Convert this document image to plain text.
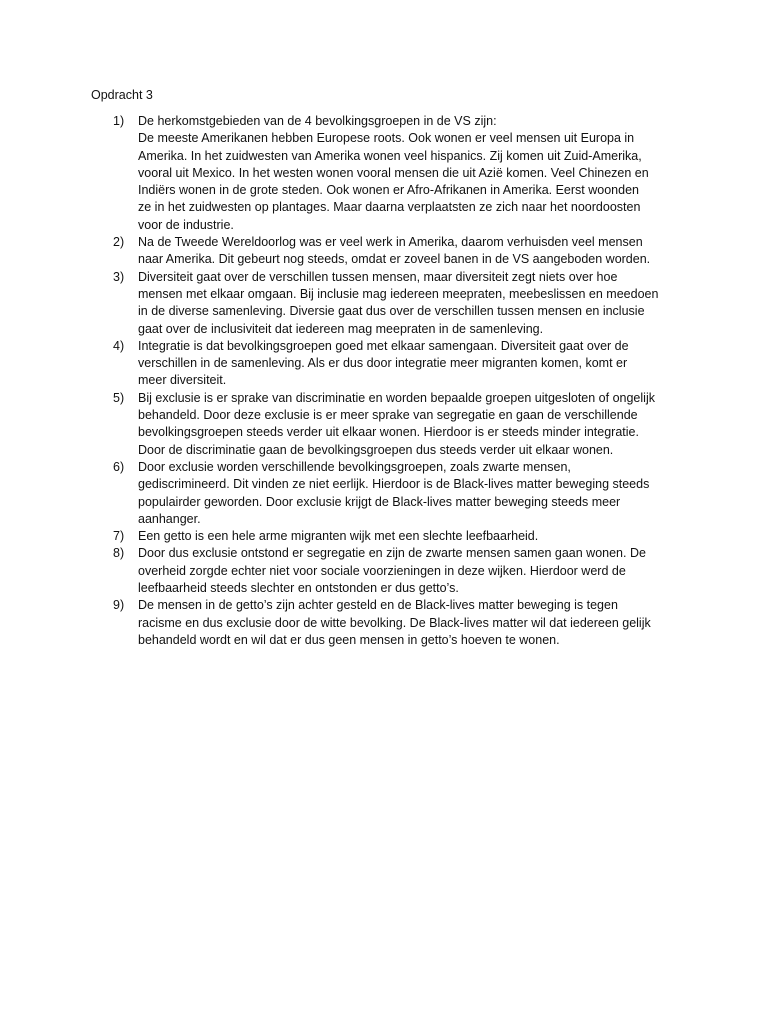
Opdracht 3
1)	De herkomstgebieden van de 4 bevolkingsgroepen in de VS zijn:
De meeste Amerikanen hebben Europese roots. Ook wonen er veel mensen uit Europa in
Amerika. In het zuidwesten van Amerika wonen veel hispanics. Zij komen uit Zuid-Amerika,
vooral uit Mexico. In het westen wonen vooral mensen die uit Azië komen. Veel Chinezen en
Indiërs wonen in de grote steden. Ook wonen er Afro-Afrikanen in Amerika. Eerst woonden
ze in het zuidwesten op plantages. Maar daarna verplaatsten ze zich naar het noordoosten
voor de industrie.

2)	Na de Tweede Wereldoorlog was er veel werk in Amerika, daarom verhuisden veel mensen
naar Amerika. Dit gebeurt nog steeds, omdat er zoveel banen in de VS aangeboden worden.

3)	Diversiteit gaat over de verschillen tussen mensen, maar diversiteit zegt niets over hoe
mensen met elkaar omgaan. Bij inclusie mag iedereen meepraten, meebeslissen en meedoen
in de diverse samenleving. Diversie gaat dus over de verschillen tussen mensen en inclusie
gaat over de inclusiviteit dat iedereen mag meepraten in de samenleving.

4)	Integratie is dat bevolkingsgroepen goed met elkaar samengaan. Diversiteit gaat over de
verschillen in de samenleving. Als er dus door integratie meer migranten komen, komt er
meer diversiteit.

5)	Bij exclusie is er sprake van discriminatie en worden bepaalde groepen uitgesloten of ongelijk
behandeld. Door deze exclusie is er meer sprake van segregatie en gaan de verschillende
bevolkingsgroepen steeds verder uit elkaar wonen. Hierdoor is er steeds minder integratie.
Door de discriminatie gaan de bevolkingsgroepen dus steeds verder uit elkaar wonen.

6)	Door exclusie worden verschillende bevolkingsgroepen, zoals zwarte mensen,
gediscrimineerd. Dit vinden ze niet eerlijk. Hierdoor is de Black-lives matter beweging steeds
populairder geworden. Door exclusie krijgt de Black-lives matter beweging steeds meer
aanhanger.

7)	Een getto is een hele arme migranten wijk met een slechte leefbaarheid.

8)	Door dus exclusie ontstond er segregatie en zijn de zwarte mensen samen gaan wonen. De
overheid zorgde echter niet voor sociale voorzieningen in deze wijken. Hierdoor werd de
leefbaarheid steeds slechter en ontstonden er dus getto’s.

9)	De mensen in de getto’s zijn achter gesteld en de Black-lives matter beweging is tegen
racisme en dus exclusie door de witte bevolking. De Black-lives matter wil dat iedereen gelijk
behandeld wordt en wil dat er dus geen mensen in getto’s hoeven te wonen.
